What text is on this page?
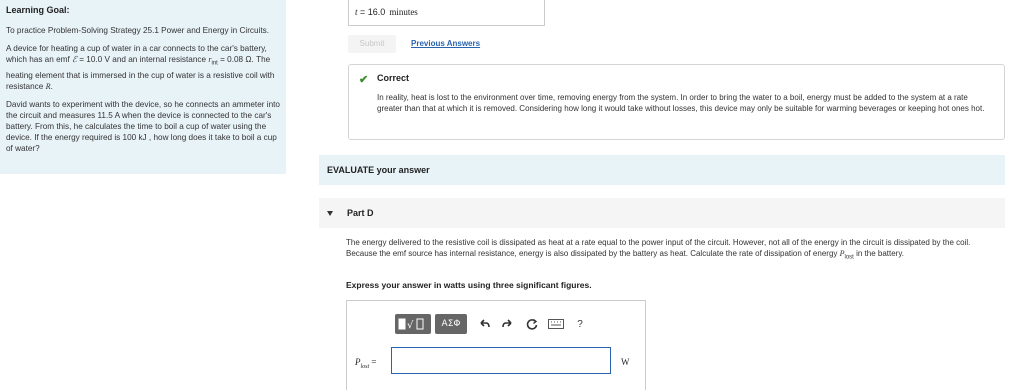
Learning Goal:

To practice Problem-Solving Strategy 25.1 Power and Energy in Circuits.

A device for heating a cup of water in a car connects to the car's battery, which has an emf ℰ = 10.0 V and an internal resistance $r_{int} = 0.08$ Ω. The heating element that is immersed in the cup of water is a resistive coil with resistance R.

David wants to experiment with the device, so he connects an ammeter into the circuit and measures 11.5 A when the device is connected to the car's battery. From this, he calculates the time to boil a cup of water using the device. If the energy required is 100 kJ , how long does it take to boil a cup of water?

t = 16.0 minutes
Submit	Previous Answers
✔ Correct
In reality, heat is lost to the environment over time, removing energy from the system. In order to bring the water to a boil, energy must be added to the system at a rate greater than that at which it is removed. Considering how long it would take without losses, this device may only be suitable for warming beverages or keeping hot ones hot.
EVALUATE your answer
Part D
The energy delivered to the resistive coil is dissipated as heat at a rate equal to the power input of the circuit. However, not all of the energy in the circuit is dissipated by the coil. Because the emf source has internal resistance, energy is also dissipated by the battery as heat. Calculate the rate of dissipation of energy $P_{lost}$ in the battery.
Express your answer in watts using three significant figures.
√	ΑΣΦ	?
$P_{lost}$ =	W
